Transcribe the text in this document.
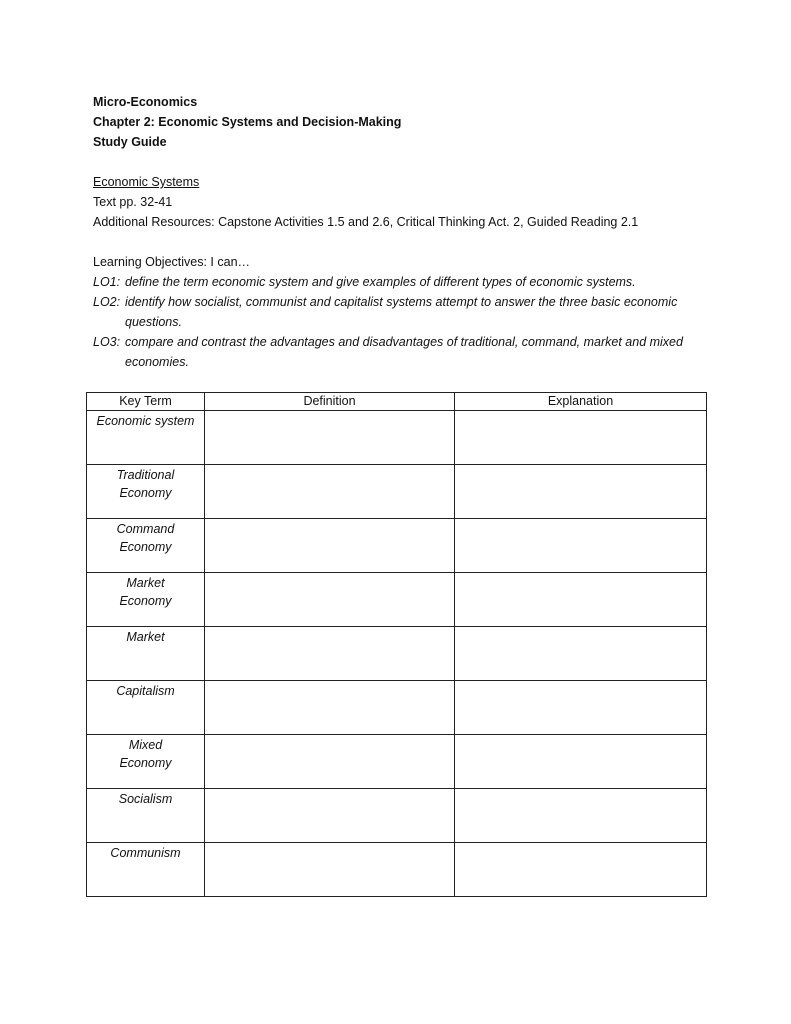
Micro-Economics
Chapter 2: Economic Systems and Decision-Making
Study Guide
Economic Systems
Text pp. 32-41
Additional Resources: Capstone Activities 1.5 and 2.6, Critical Thinking Act. 2, Guided Reading 2.1
Learning Objectives: I can…
LO1: define the term economic system and give examples of different types of economic systems.
LO2: identify how socialist, communist and capitalist systems attempt to answer the three basic economic questions.
LO3: compare and contrast the advantages and disadvantages of traditional, command, market and mixed economies.
Key Term	Definition	Explanation
Economic system		
Traditional Economy		
Command Economy		
Market Economy		
Market		
Capitalism		
Mixed Economy		
Socialism		
Communism		
